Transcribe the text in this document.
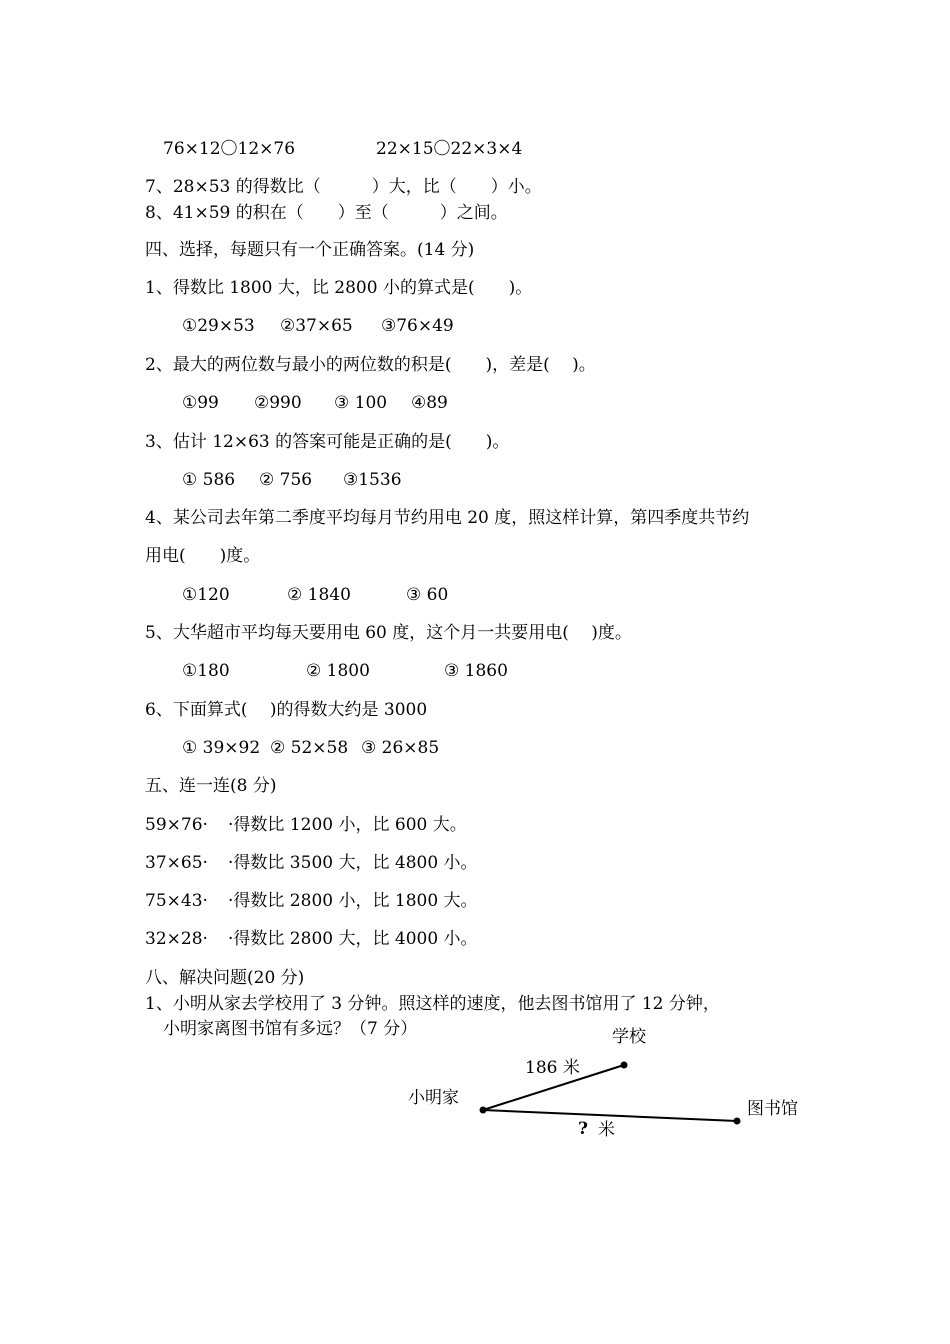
76×12〇12×76	22×15〇22×3×4
7、28×53 的得数比（　　　）大，比（　　）小。
8、41×59 的积在（　　）至（　　　）之间。
四、选择，每题只有一个正确答案。(14 分)
1、得数比 1800 大，比 2800 小的算式是(　　)。
①29×53 ②37×65 ③76×49
2、最大的两位数与最小的两位数的积是(　　)，差是(　 )。
①99 ②990 ③ 100 ④89
3、估计 12×63 的答案可能是正确的是(　　)。
① 586 ② 756 ③1536
4、某公司去年第二季度平均每月节约用电 20 度，照这样计算，第四季度共节约
用电(　　)度。
①120	② 1840	③ 60
5、大华超市平均每天要用电 60 度，这个月一共要用电(　 )度。
①180	② 1800	③ 1860
6、下面算式(　 )的得数大约是 3000
① 39×92 ② 52×58 ③ 26×85
五、连一连(8 分)
59×76· ·得数比 1200 小，比 600 大。
37×65· ·得数比 3500 大，比 4800 小。
75×43· ·得数比 2800 小，比 1800 大。
32×28· ·得数比 2800 大，比 4000 小。
八、解决问题(20 分)
1、小明从家去学校用了 3 分钟。照这样的速度，他去图书馆用了 12 分钟，
小明家离图书馆有多远？（7 分）	学校
186 米
小明家
图书馆
? 米
